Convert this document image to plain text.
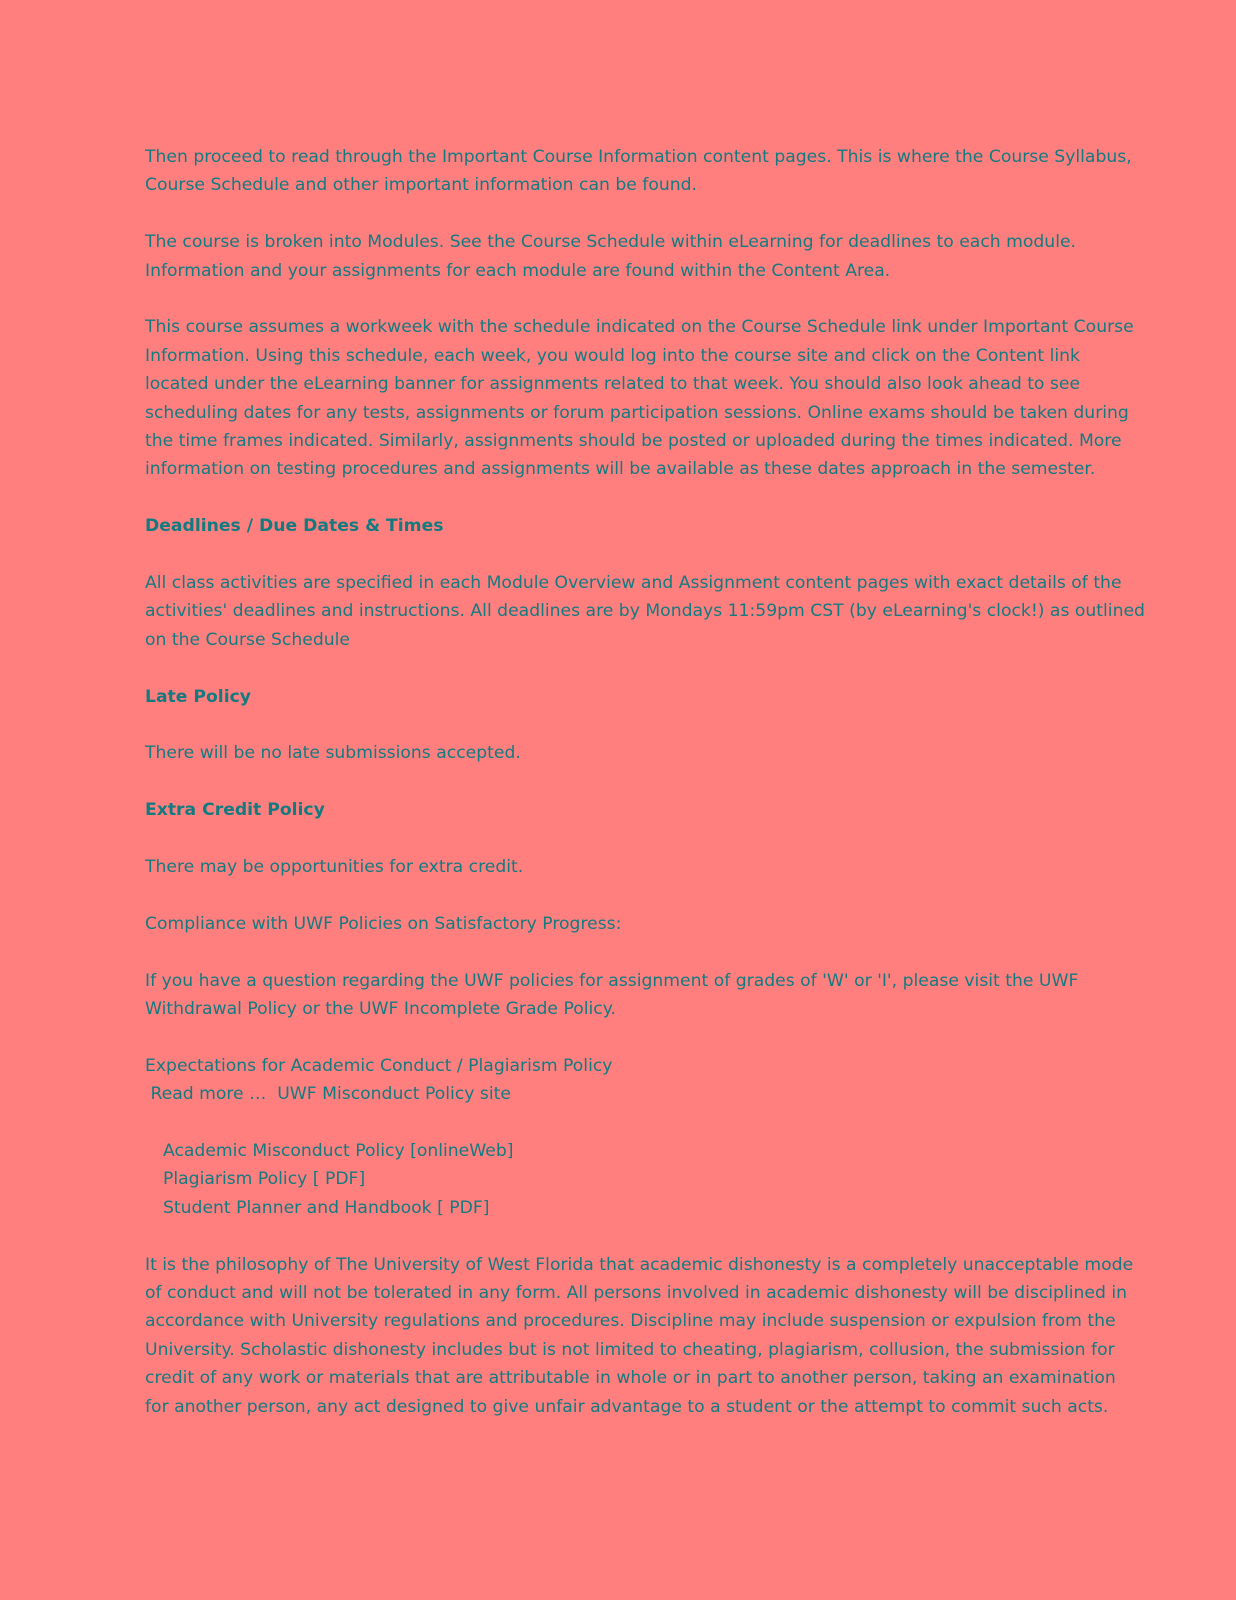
Then proceed to read through the Important Course Information content pages. This is where the Course Syllabus,
Course Schedule and other important information can be found.
The course is broken into Modules. See the Course Schedule within eLearning for deadlines to each module.
Information and your assignments for each module are found within the Content Area.
This course assumes a workweek with the schedule indicated on the Course Schedule link under Important Course
Information. Using this schedule, each week, you would log into the course site and click on the Content link
located under the eLearning banner for assignments related to that week. You should also look ahead to see
scheduling dates for any tests, assignments or forum participation sessions. Online exams should be taken during
the time frames indicated. Similarly, assignments should be posted or uploaded during the times indicated. More
information on testing procedures and assignments will be available as these dates approach in the semester.
Deadlines / Due Dates & Times
All class activities are specified in each Module Overview and Assignment content pages with exact details of the
activities' deadlines and instructions. All deadlines are by Mondays 11:59pm CST (by eLearning's clock!) as outlined
on the Course Schedule
Late Policy
There will be no late submissions accepted.
Extra Credit Policy
There may be opportunities for extra credit.
Compliance with UWF Policies on Satisfactory Progress:
If you have a question regarding the UWF policies for assignment of grades of 'W' or 'I', please visit the UWF
Withdrawal Policy or the UWF Incomplete Grade Policy.
Expectations for Academic Conduct / Plagiarism Policy
Read more …  UWF Misconduct Policy site
Academic Misconduct Policy [onlineWeb]
Plagiarism Policy [ PDF]
Student Planner and Handbook [ PDF]
It is the philosophy of The University of West Florida that academic dishonesty is a completely unacceptable mode
of conduct and will not be tolerated in any form. All persons involved in academic dishonesty will be disciplined in
accordance with University regulations and procedures. Discipline may include suspension or expulsion from the
University. Scholastic dishonesty includes but is not limited to cheating, plagiarism, collusion, the submission for
credit of any work or materials that are attributable in whole or in part to another person, taking an examination
for another person, any act designed to give unfair advantage to a student or the attempt to commit such acts.
